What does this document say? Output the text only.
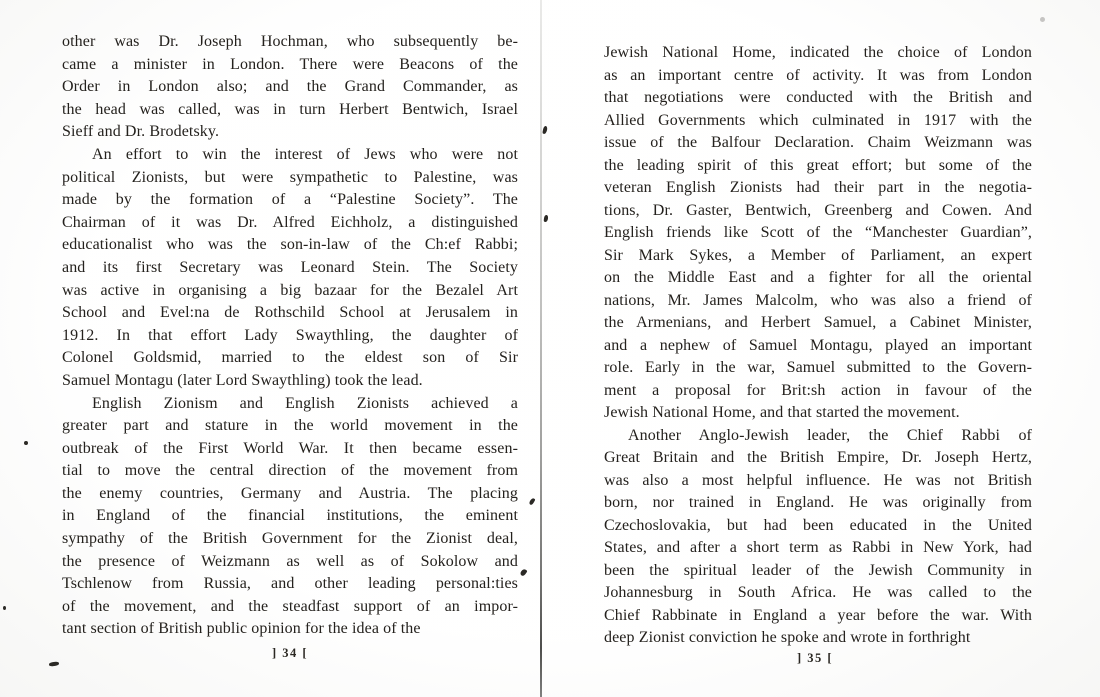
other was Dr. Joseph Hochman, who subsequently be-
came a minister in London. There were Beacons of the
Order in London also; and the Grand Commander, as
the head was called, was in turn Herbert Bentwich, Israel
Sieff and Dr. Brodetsky.
An effort to win the interest of Jews who were not
political Zionists, but were sympathetic to Palestine, was
made by the formation of a “Palestine Society”. The
Chairman of it was Dr. Alfred Eichholz, a distinguished
educationalist who was the son-in-law of the Ch:ef Rabbi;
and its first Secretary was Leonard Stein. The Society
was active in organising a big bazaar for the Bezalel Art
School and Evel:na de Rothschild School at Jerusalem in
1912. In that effort Lady Swaythling, the daughter of
Colonel Goldsmid, married to the eldest son of Sir
Samuel Montagu (later Lord Swaythling) took the lead.
English Zionism and English Zionists achieved a
greater part and stature in the world movement in the
outbreak of the First World War. It then became essen-
tial to move the central direction of the movement from
the enemy countries, Germany and Austria. The placing
in England of the financial institutions, the eminent
sympathy of the British Government for the Zionist deal,
the presence of Weizmann as well as of Sokolow and
Tschlenow from Russia, and other leading personal:ties
of the movement, and the steadfast support of an impor-
tant section of British public opinion for the idea of the
Jewish National Home, indicated the choice of London
as an important centre of activity. It was from London
that negotiations were conducted with the British and
Allied Governments which culminated in 1917 with the
issue of the Balfour Declaration. Chaim Weizmann was
the leading spirit of this great effort; but some of the
veteran English Zionists had their part in the negotia-
tions, Dr. Gaster, Bentwich, Greenberg and Cowen. And
English friends like Scott of the “Manchester Guardian”,
Sir Mark Sykes, a Member of Parliament, an expert
on the Middle East and a fighter for all the oriental
nations, Mr. James Malcolm, who was also a friend of
the Armenians, and Herbert Samuel, a Cabinet Minister,
and a nephew of Samuel Montagu, played an important
role. Early in the war, Samuel submitted to the Govern-
ment a proposal for Brit:sh action in favour of the
Jewish National Home, and that started the movement.
Another Anglo-Jewish leader, the Chief Rabbi of
Great Britain and the British Empire, Dr. Joseph Hertz,
was also a most helpful influence. He was not British
born, nor trained in England. He was originally from
Czechoslovakia, but had been educated in the United
States, and after a short term as Rabbi in New York, had
been the spiritual leader of the Jewish Community in
Johannesburg in South Africa. He was called to the
Chief Rabbinate in England a year before the war. With
deep Zionist conviction he spoke and wrote in forthright
] 34 [	] 35 [
